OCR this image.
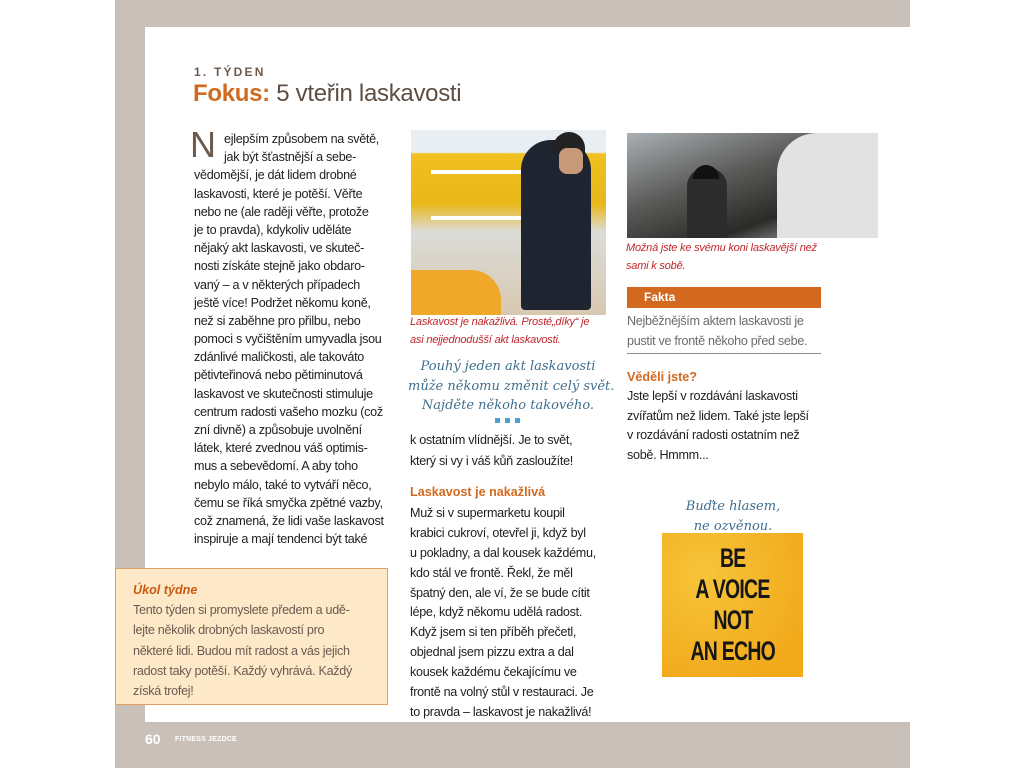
1. TÝDEN
Fokus: 5 vteřin laskavosti
N ejlepším způsobem na světě,
jak být šťastnější a sebe-
vědomější, je dát lidem drobné
laskavosti, které je potěší. Věřte
nebo ne (ale raději věřte, protože
je to pravda), kdykoliv uděláte
nějaký akt laskavosti, ve skuteč-
nosti získáte stejně jako obdaro-
vaný – a v některých případech
ještě více! Podržet někomu koně,
než si zaběhne pro přilbu, nebo
pomoci s vyčištěním umyvadla jsou
zdánlivé maličkosti, ale takováto
pětivteřinová nebo pětiminutová
laskavost ve skutečnosti stimuluje
centrum radosti vašeho mozku (což
zní divně) a způsobuje uvolnění
látek, které zvednou váš optimis-
mus a sebevědomí. A aby toho
nebylo málo, také to vytváří něco,
čemu se říká smyčka zpětné vazby,
což znamená, že lidi vaše laskavost
inspiruje a mají tendenci být také
Laskavost je nakažlivá. Prosté„díky“ je
asi nejjednodušší akt laskavosti.
Pouhý jeden akt laskavosti
může někomu změnit celý svět.
Najděte někoho takového.
k ostatním vlídnější. Je to svět,
který si vy i váš kůň zasloužíte!
Laskavost je nakažlivá
Muž si v supermarketu koupil
krabici cukroví, otevřel ji, když byl
u pokladny, a dal kousek každému,
kdo stál ve frontě. Řekl, že měl
špatný den, ale ví, že se bude cítit
lépe, když někomu udělá radost.
Když jsem si ten příběh přečetl,
objednal jsem pizzu extra a dal
kousek každému čekajícímu ve
frontě na volný stůl v restauraci. Je
to pravda – laskavost je nakažlivá!
Možná jste ke svému koni laskavější než
sami k sobě.
Fakta
Nejběžnějším aktem laskavosti je
pustit ve frontě někoho před sebe.
Věděli jste?
Jste lepší v rozdávání laskavosti
zvířatům než lidem. Také jste lepší
v rozdávání radosti ostatním než
sobě. Hmmm...
Buďte hlasem,
ne ozvěnou.
BE
A VOICE
NOT
AN ECHO
Úkol týdne
Tento týden si promyslete předem a udě-
lejte několik drobných laskavostí pro
některé lidi. Budou mít radost a vás jejich
radost taky potěší. Každý vyhrává. Každý
získá trofej!
60 FITNESS JEZDCE
